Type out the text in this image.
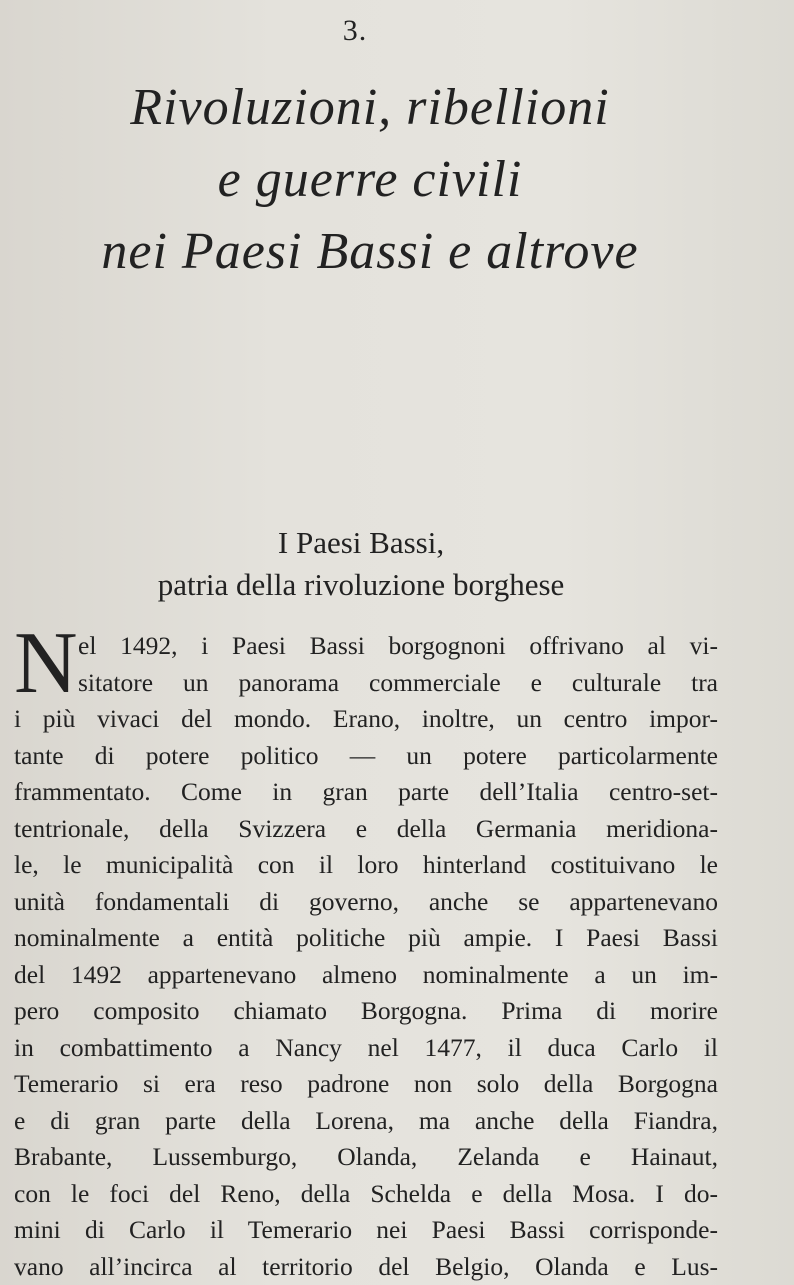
3.
Rivoluzioni, ribellioni
e guerre civili
nei Paesi Bassi e altrove
I Paesi Bassi,
patria della rivoluzione borghese
N el 1492, i Paesi Bassi borgognoni offrivano al vi-
sitatore un panorama commerciale e culturale tra
i più vivaci del mondo. Erano, inoltre, un centro impor-
tante di potere politico — un potere particolarmente
frammentato. Come in gran parte dell’Italia centro-set-
tentrionale, della Svizzera e della Germania meridiona-
le, le municipalità con il loro hinterland costituivano le
unità fondamentali di governo, anche se appartenevano
nominalmente a entità politiche più ampie. I Paesi Bassi
del 1492 appartenevano almeno nominalmente a un im-
pero composito chiamato Borgogna. Prima di morire
in combattimento a Nancy nel 1477, il duca Carlo il
Temerario si era reso padrone non solo della Borgogna
e di gran parte della Lorena, ma anche della Fiandra,
Brabante, Lussemburgo, Olanda, Zelanda e Hainaut,
con le foci del Reno, della Schelda e della Mosa. I do-
mini di Carlo il Temerario nei Paesi Bassi corrisponde-
vano all’incirca al territorio del Belgio, Olanda e Lus-
